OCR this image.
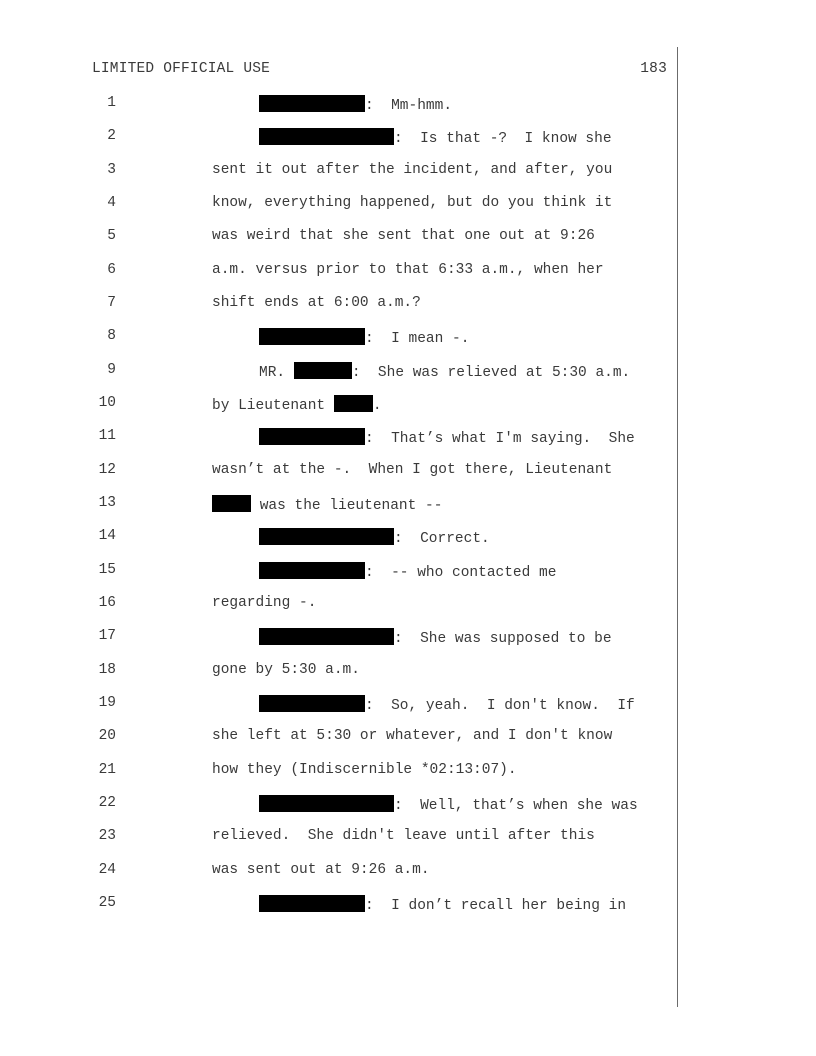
LIMITED OFFICIAL USE	183
1	:  Mm-hmm.
2	:  Is that -?  I know she
3	sent it out after the incident, and after, you
4	know, everything happened, but do you think it
5	was weird that she sent that one out at 9:26
6	a.m. versus prior to that 6:33 a.m., when her
7	shift ends at 6:00 a.m.?
8	:  I mean -.
9	MR.	:  She was relieved at 5:30 a.m.
10	by Lieutenant	.
11	:  That’s what I'm saying.  She
12	wasn’t at the -.  When I got there, Lieutenant
13	was the lieutenant --
14	:  Correct.
15	:  -- who contacted me
16	regarding -.
17	:  She was supposed to be
18	gone by 5:30 a.m.
19	:  So, yeah.  I don't know.  If
20	she left at 5:30 or whatever, and I don't know
21	how they (Indiscernible *02:13:07).
22	:  Well, that’s when she was
23	relieved.  She didn't leave until after this
24	was sent out at 9:26 a.m.
25	:  I don’t recall her being in
